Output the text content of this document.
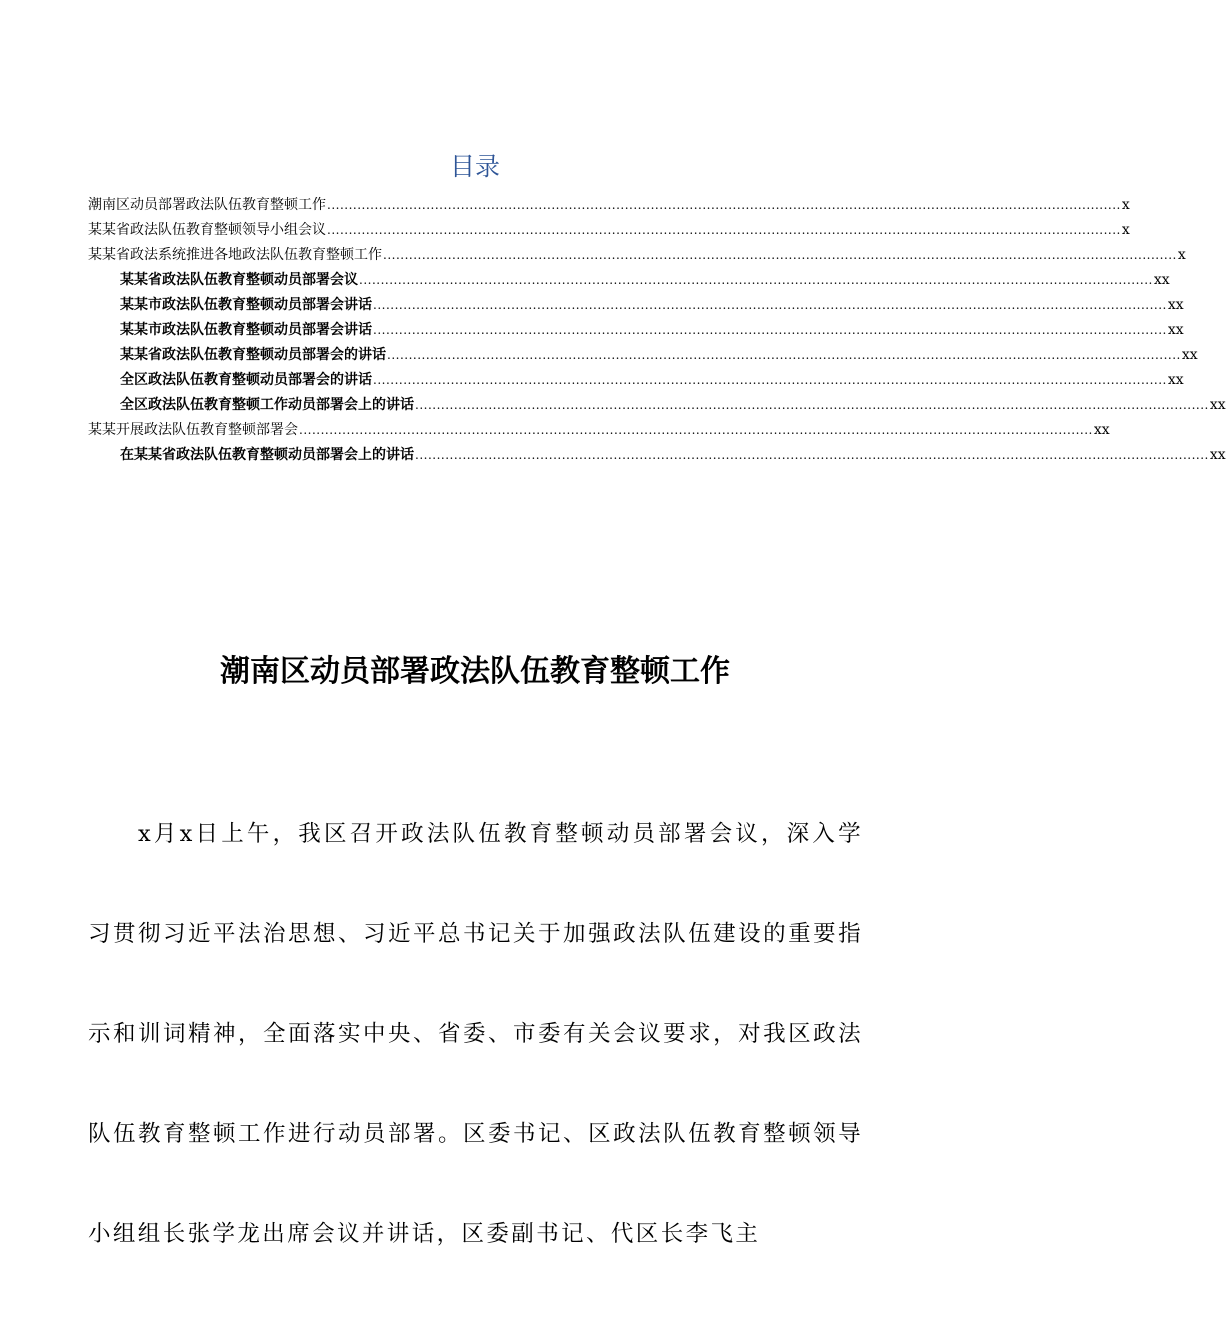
目录
潮南区动员部署政法队伍教育整顿工作 ........................................................................................................................................................................................ x
某某省政法队伍教育整顿领导小组会议 ........................................................................................................................................................................................ x
某某省政法系统推进各地政法队伍教育整顿工作 ........................................................................................................................................................................................ x
某某省政法队伍教育整顿动员部署会议 ........................................................................................................................................................................................ xx
某某市政法队伍教育整顿动员部署会讲话 ........................................................................................................................................................................................ xx
某某市政法队伍教育整顿动员部署会讲话 ........................................................................................................................................................................................ xx
某某省政法队伍教育整顿动员部署会的讲话 ........................................................................................................................................................................................ xx
全区政法队伍教育整顿动员部署会的讲话 ........................................................................................................................................................................................ xx
全区政法队伍教育整顿工作动员部署会上的讲话 ........................................................................................................................................................................................ xx
某某开展政法队伍教育整顿部署会 ........................................................................................................................................................................................ xx
在某某省政法队伍教育整顿动员部署会上的讲话 ........................................................................................................................................................................................ xx
潮南区动员部署政法队伍教育整顿工作

x月x日上午，我区召开政法队伍教育整顿动员部署会议，深入学习贯彻习近平法治思想、习近平总书记关于加强政法队伍建设的重要指示和训词精神，全面落实中央、省委、市委有关会议要求，对我区政法队伍教育整顿工作进行动员部署。区委书记、区政法队伍教育整顿领导小组组长张学龙出席会议并讲话，区委副书记、代区长李飞主
